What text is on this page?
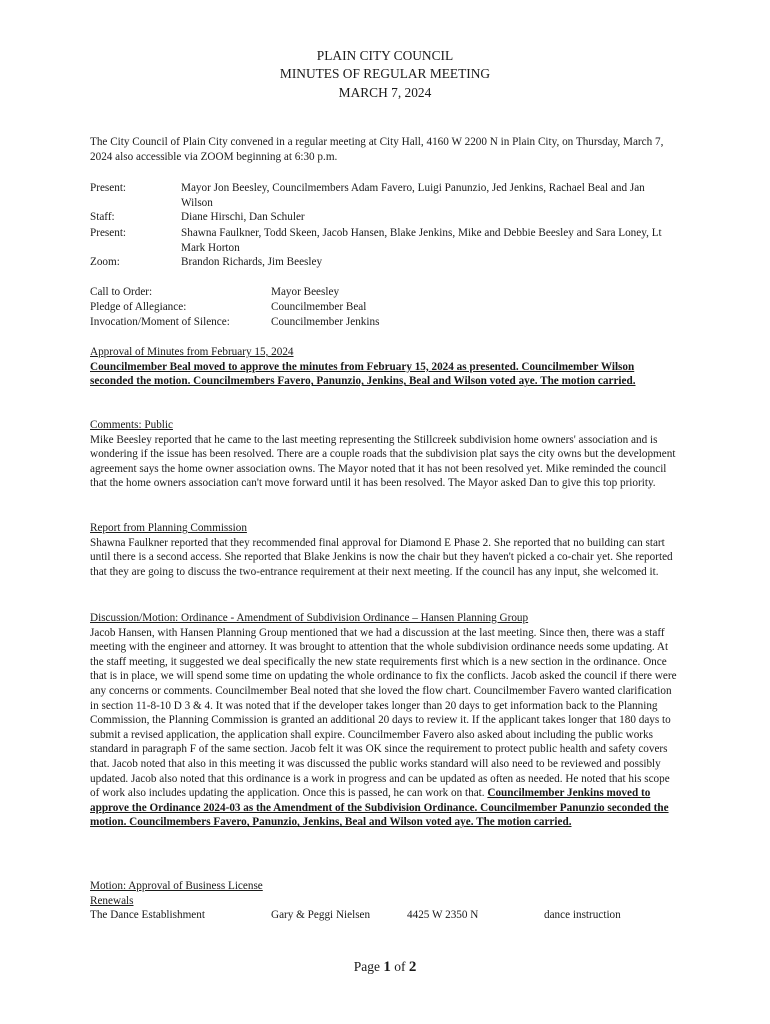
PLAIN CITY COUNCIL
MINUTES OF REGULAR MEETING
MARCH 7, 2024

The City Council of Plain City convened in a regular meeting at City Hall, 4160 W 2200 N in Plain City, on Thursday, March 7, 2024 also accessible via ZOOM beginning at 6:30 p.m.

Present:	Mayor Jon Beesley, Councilmembers Adam Favero, Luigi Panunzio, Jed Jenkins, Rachael Beal and Jan Wilson
Staff:	Diane Hirschi, Dan Schuler
Present:	Shawna Faulkner, Todd Skeen, Jacob Hansen, Blake Jenkins, Mike and Debbie Beesley and Sara Loney, Lt Mark Horton
Zoom:	Brandon Richards, Jim Beesley
Call to Order:	Mayor Beesley
Pledge of Allegiance:	Councilmember Beal
Invocation/Moment of Silence:	Councilmember Jenkins

Approval of Minutes from February 15, 2024

Councilmember Beal moved to approve the minutes from February 15, 2024 as presented. Councilmember Wilson seconded the motion. Councilmembers Favero, Panunzio, Jenkins, Beal and Wilson voted aye. The motion carried.

Comments: Public

Mike Beesley reported that he came to the last meeting representing the Stillcreek subdivision home owners' association and is wondering if the issue has been resolved. There are a couple roads that the subdivision plat says the city owns but the development agreement says the home owner association owns. The Mayor noted that it has not been resolved yet. Mike reminded the council that the home owners association can't move forward until it has been resolved. The Mayor asked Dan to give this top priority.

Report from Planning Commission

Shawna Faulkner reported that they recommended final approval for Diamond E Phase 2. She reported that no building can start until there is a second access. She reported that Blake Jenkins is now the chair but they haven't picked a co-chair yet. She reported that they are going to discuss the two-entrance requirement at their next meeting. If the council has any input, she welcomed it.

Discussion/Motion: Ordinance - Amendment of Subdivision Ordinance – Hansen Planning Group

Jacob Hansen, with Hansen Planning Group mentioned that we had a discussion at the last meeting. Since then, there was a staff meeting with the engineer and attorney. It was brought to attention that the whole subdivision ordinance needs some updating. At the staff meeting, it suggested we deal specifically the new state requirements first which is a new section in the ordinance. Once that is in place, we will spend some time on updating the whole ordinance to fix the conflicts. Jacob asked the council if there were any concerns or comments. Councilmember Beal noted that she loved the flow chart. Councilmember Favero wanted clarification in section 11-8-10 D 3 & 4. It was noted that if the developer takes longer than 20 days to get information back to the Planning Commission, the Planning Commission is granted an additional 20 days to review it. If the applicant takes longer that 180 days to submit a revised application, the application shall expire. Councilmember Favero also asked about including the public works standard in paragraph F of the same section. Jacob felt it was OK since the requirement to protect public health and safety covers that. Jacob noted that also in this meeting it was discussed the public works standard will also need to be reviewed and possibly updated. Jacob also noted that this ordinance is a work in progress and can be updated as often as needed. He noted that his scope of work also includes updating the application. Once this is passed, he can work on that. Councilmember Jenkins moved to approve the Ordinance 2024-03 as the Amendment of the Subdivision Ordinance. Councilmember Panunzio seconded the motion. Councilmembers Favero, Panunzio, Jenkins, Beal and Wilson voted aye. The motion carried.

Motion: Approval of Business License

Renewals

The Dance Establishment	Gary & Peggi Nielsen	4425 W 2350 N	dance instruction
Page 1 of 2
